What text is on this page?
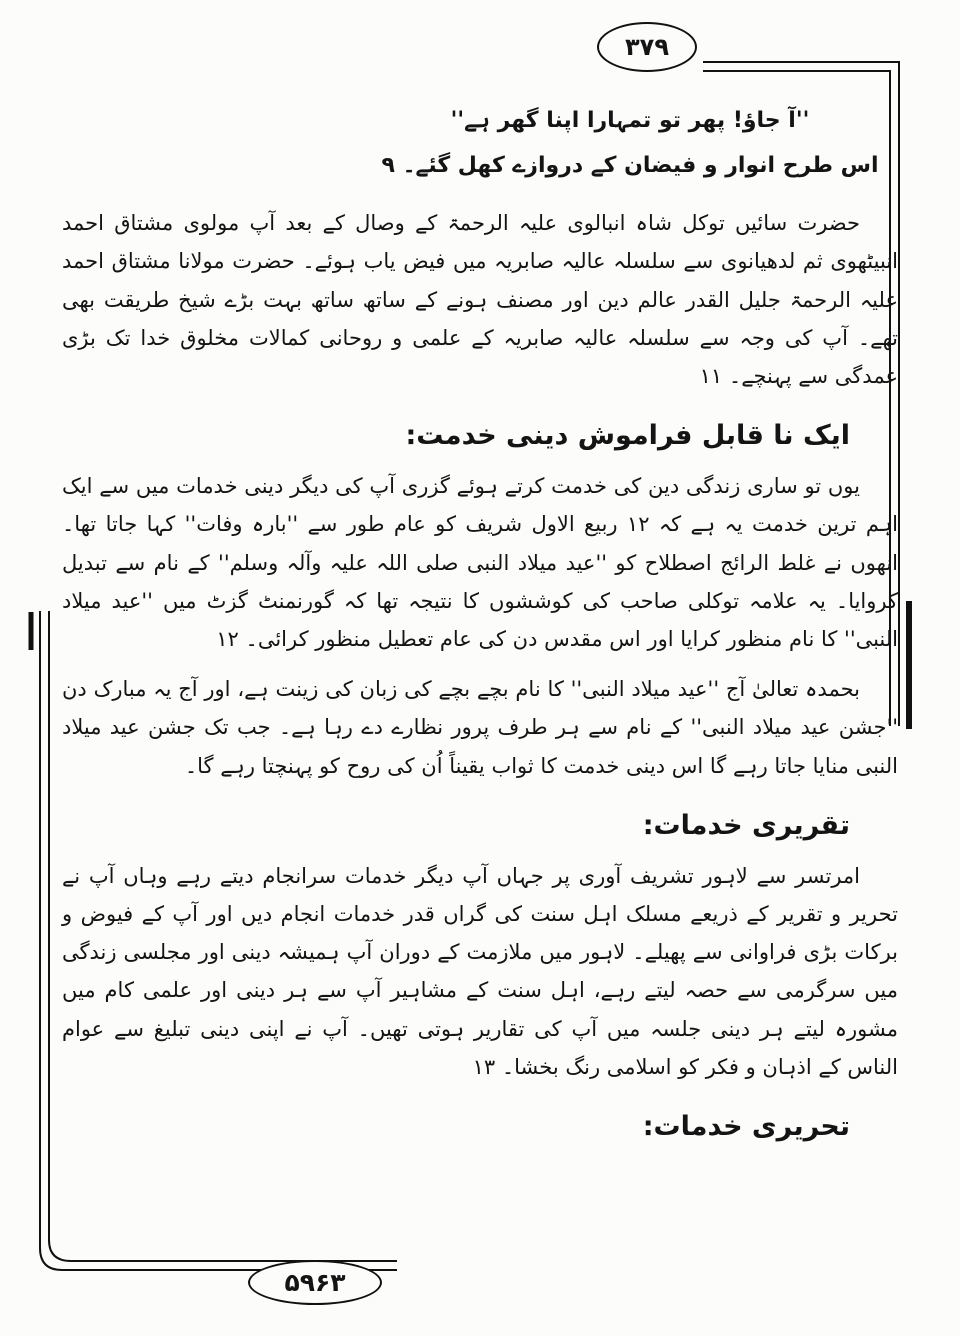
۳۷۹

''آ جاؤ! پھر تو تمہارا اپنا گھر ہے''

اس طرح انوار و فیضان کے دروازے کھل گئے۔ ۹

حضرت سائیں توکل شاہ انبالوی علیہ الرحمۃ کے وصال کے بعد آپ مولوی مشتاق احمد انبیٹھوی ثم لدھیانوی سے سلسلہ عالیہ صابریہ میں فیض یاب ہوئے۔ حضرت مولانا مشتاق احمد علیہ الرحمۃ جلیل القدر عالم دین اور مصنف ہونے کے ساتھ ساتھ بہت بڑے شیخ طریقت بھی تھے۔ آپ کی وجہ سے سلسلہ عالیہ صابریہ کے علمی و روحانی کمالات مخلوق خدا تک بڑی عمدگی سے پہنچے۔ ۱۱

ایک نا قابل فراموش دینی خدمت:

یوں تو ساری زندگی دین کی خدمت کرتے ہوئے گزری آپ کی دیگر دینی خدمات میں سے ایک اہم ترین خدمت یہ ہے کہ ۱۲ ربیع الاول شریف کو عام طور سے ''بارہ وفات'' کہا جاتا تھا۔ انھوں نے غلط الرائج اصطلاح کو ''عید میلاد النبی صلی اللہ علیہ وآلہ وسلم'' کے نام سے تبدیل کروایا۔ یہ علامہ توکلی صاحب کی کوششوں کا نتیجہ تھا کہ گورنمنٹ گزٹ میں ''عید میلاد النبی'' کا نام منظور کرایا اور اس مقدس دن کی عام تعطیل منظور کرائی۔ ۱۲

بحمدہ تعالیٰ آج ''عید میلاد النبی'' کا نام بچے بچے کی زبان کی زینت ہے، اور آج یہ مبارک دن ''جشن عید میلاد النبی'' کے نام سے ہر طرف پرور نظارے دے رہا ہے۔ جب تک جشن عید میلاد النبی منایا جاتا رہے گا اس دینی خدمت کا ثواب یقیناً اُن کی روح کو پہنچتا رہے گا۔

تقریری خدمات:

امرتسر سے لاہور تشریف آوری پر جہاں آپ دیگر خدمات سرانجام دیتے رہے وہاں آپ نے تحریر و تقریر کے ذریعے مسلک اہل سنت کی گراں قدر خدمات انجام دیں اور آپ کے فیوض و برکات بڑی فراوانی سے پھیلے۔ لاہور میں ملازمت کے دوران آپ ہمیشہ دینی اور مجلسی زندگی میں سرگرمی سے حصہ لیتے رہے، اہل سنت کے مشاہیر آپ سے ہر دینی اور علمی کام میں مشورہ لیتے ہر دینی جلسہ میں آپ کی تقاریر ہوتی تھیں۔ آپ نے اپنی دینی تبلیغ سے عوام الناس کے اذہان و فکر کو اسلامی رنگ بخشا۔ ۱۳

تحریری خدمات:
۵۹۶۳
